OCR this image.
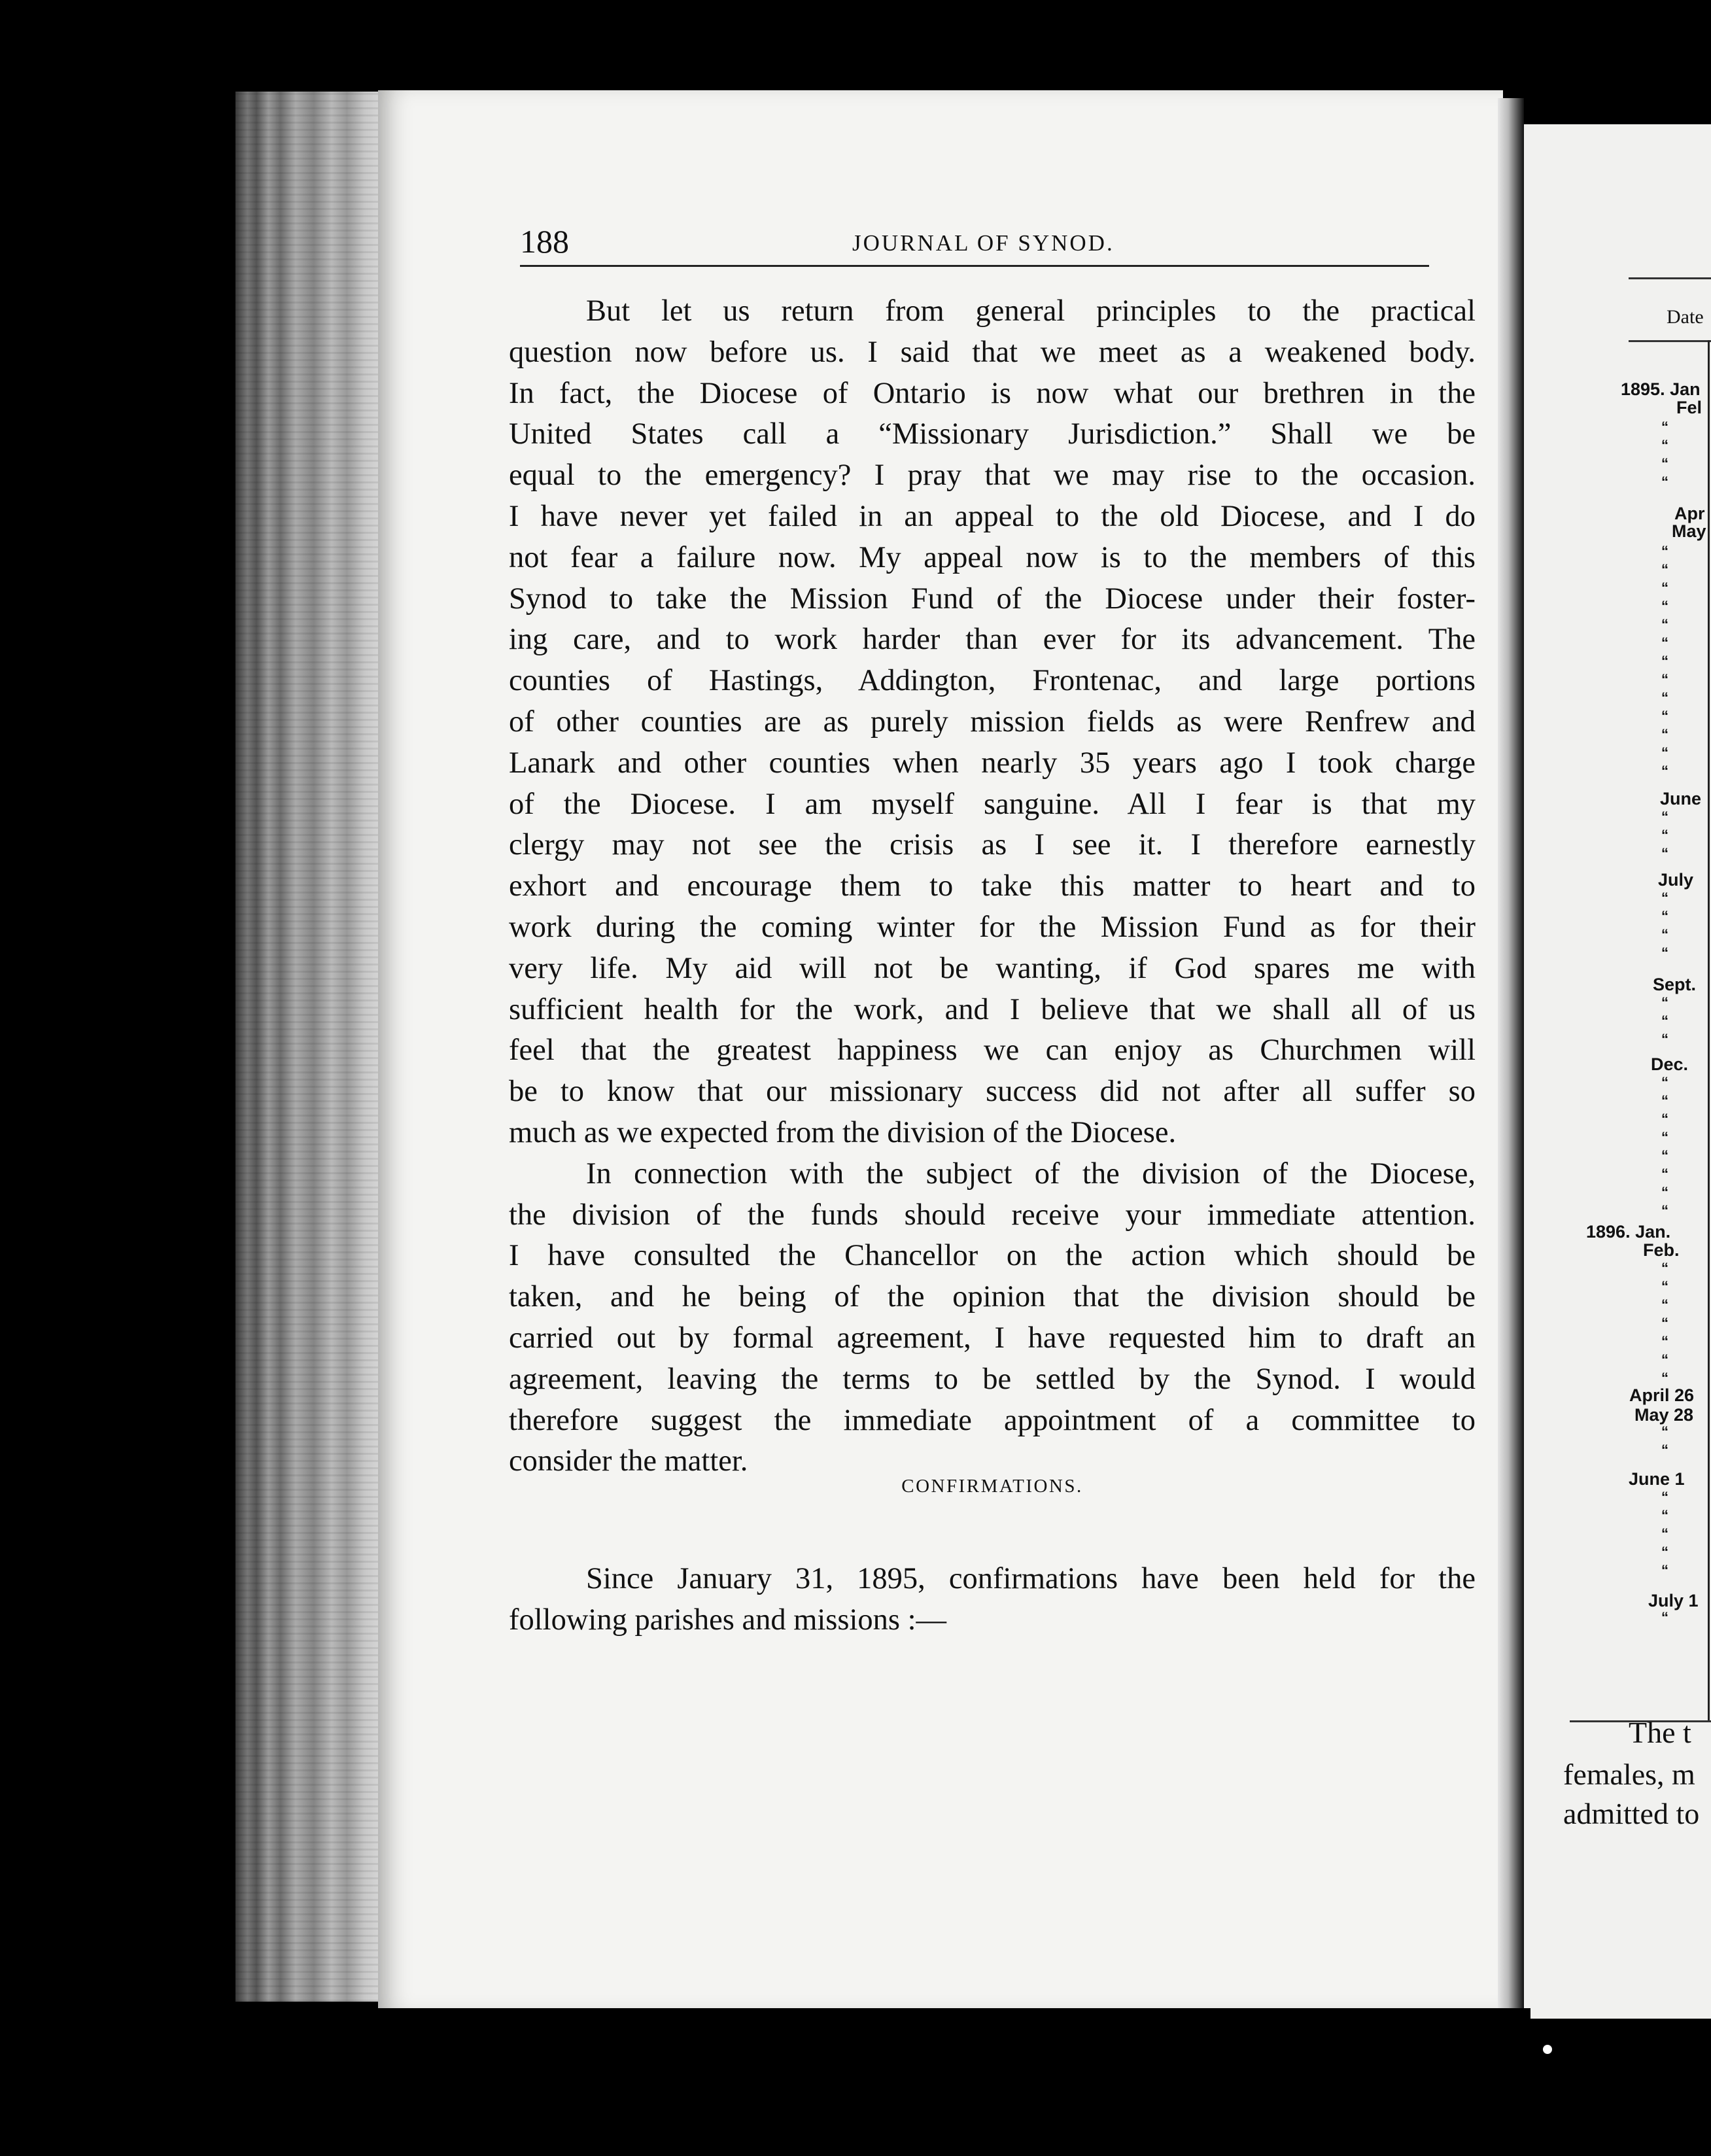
188	JOURNAL OF SYNOD.

But let us return from general principles to the practical
question now before us. I said that we meet as a weakened body.
In fact, the Diocese of Ontario is now what our brethren in the
United States call a “Missionary Jurisdiction.” Shall we be
equal to the emergency? I pray that we may rise to the occasion.
I have never yet failed in an appeal to the old Diocese, and I do
not fear a failure now. My appeal now is to the members of this
Synod to take the Mission Fund of the Diocese under their foster-
ing care, and to work harder than ever for its advancement. The
counties of Hastings, Addington, Frontenac, and large portions
of other counties are as purely mission fields as were Renfrew and
Lanark and other counties when nearly 35 years ago I took charge
of the Diocese. I am myself sanguine. All I fear is that my
clergy may not see the crisis as I see it. I therefore earnestly
exhort and encourage them to take this matter to heart and to
work during the coming winter for the Mission Fund as for their
very life. My aid will not be wanting, if God spares me with
sufficient health for the work, and I believe that we shall all of us
feel that the greatest happiness we can enjoy as Churchmen will
be to know that our missionary success did not after all suffer so
much as we expected from the division of the Diocese.

In connection with the subject of the division of the Diocese,
the division of the funds should receive your immediate attention.
I have consulted the Chancellor on the action which should be
taken, and he being of the opinion that the division should be
carried out by formal agreement, I have requested him to draft an
agreement, leaving the terms to be settled by the Synod. I would
therefore suggest the immediate appointment of a committee to
consider the matter.

CONFIRMATIONS.
Since January 31, 1895, confirmations have been held for the
following parishes and missions :—
Date
1895. Jan
Fel
Apr
May
June
July
Sept.
Dec.
1896. Jan.
Feb.
April 26
May 28
June 1
July 1
The t
females, m
admitted to
“
“
“
“
“
“
“
“
“
“
“
“
“
“
“
“
“
“
“
“
“
“
“
“
“
“
“
“
“
“
“
“
“
“
“
“
“
“
“
“
“
“
“
“
“
“
“
“
“
“
